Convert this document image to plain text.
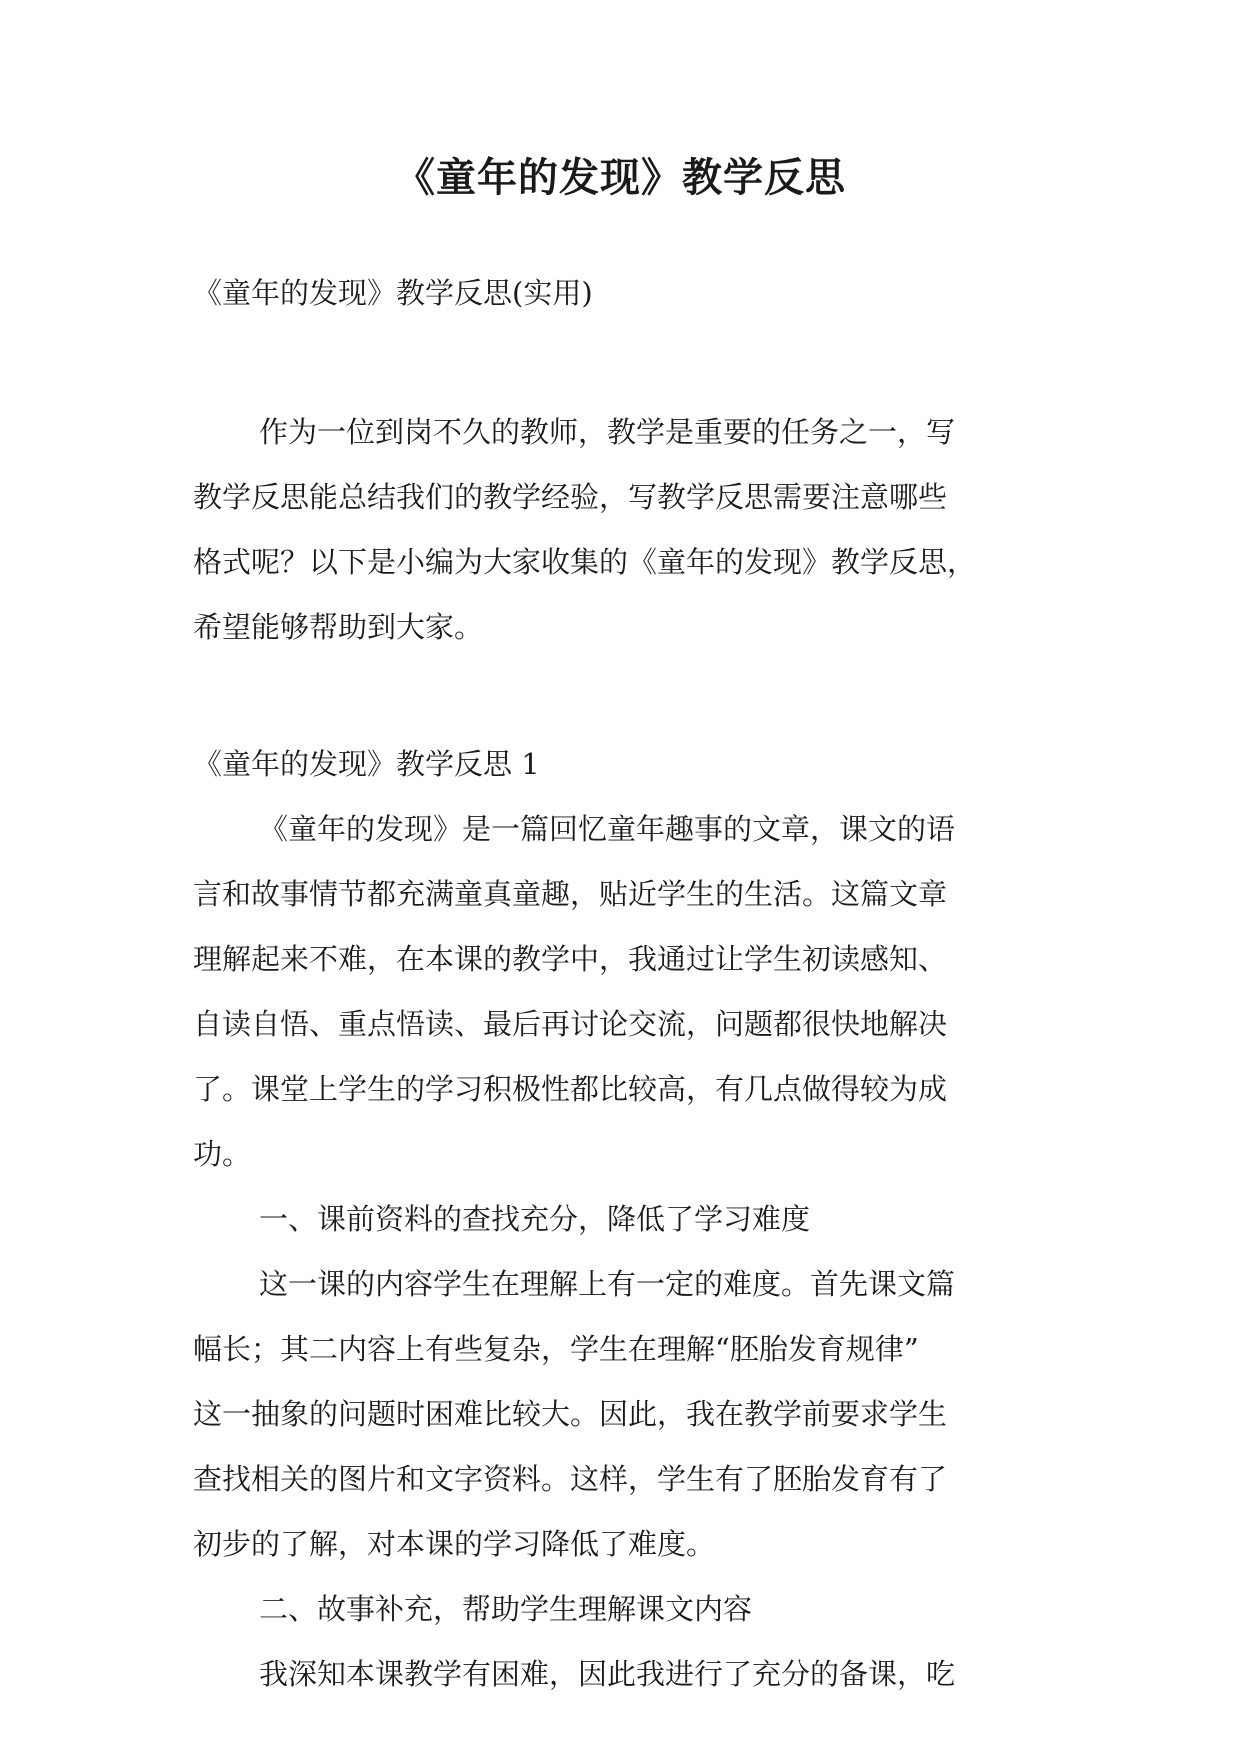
《童年的发现》教学反思
《童年的发现》教学反思(实用)
作为一位到岗不久的教师，教学是重要的任务之一，写
教学反思能总结我们的教学经验，写教学反思需要注意哪些
格式呢？以下是小编为大家收集的《童年的发现》教学反思，
希望能够帮助到大家。
《童年的发现》教学反思 1
《童年的发现》是一篇回忆童年趣事的文章，课文的语
言和故事情节都充满童真童趣，贴近学生的生活。这篇文章
理解起来不难，在本课的教学中，我通过让学生初读感知、
自读自悟、重点悟读、最后再讨论交流，问题都很快地解决
了。课堂上学生的学习积极性都比较高，有几点做得较为成
功。
一、课前资料的查找充分，降低了学习难度
这一课的内容学生在理解上有一定的难度。首先课文篇
幅长；其二内容上有些复杂，学生在理解“胚胎发育规律”
这一抽象的问题时困难比较大。因此，我在教学前要求学生
查找相关的图片和文字资料。这样，学生有了胚胎发育有了
初步的了解，对本课的学习降低了难度。
二、故事补充，帮助学生理解课文内容
我深知本课教学有困难，因此我进行了充分的备课，吃
